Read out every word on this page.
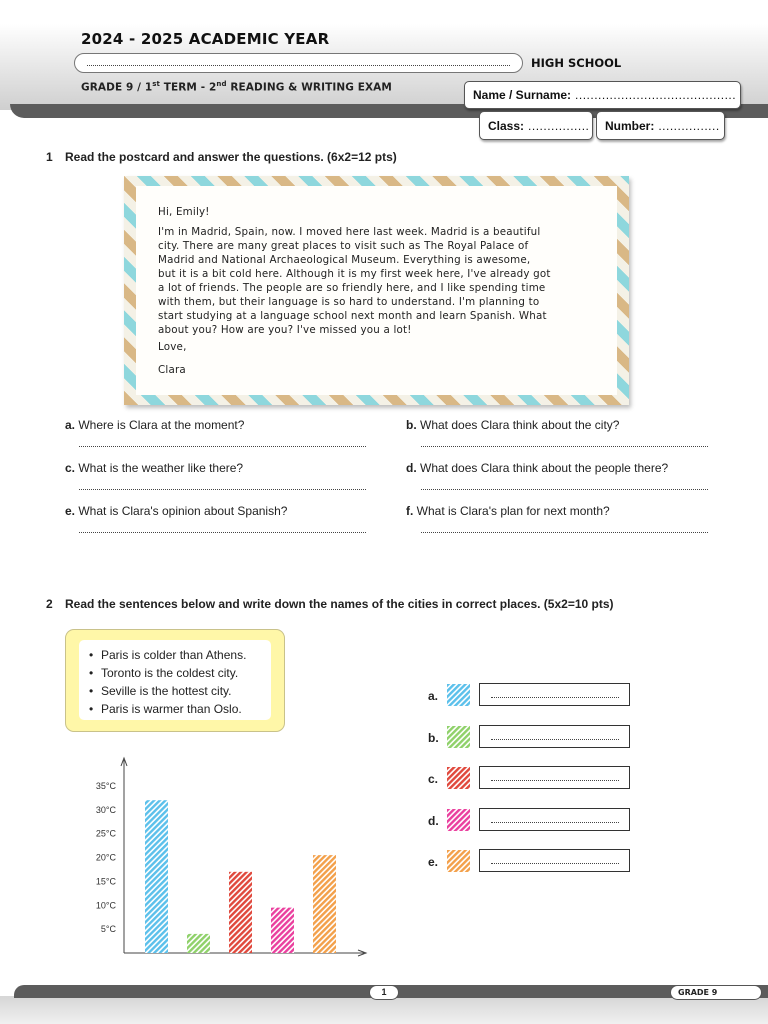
2024 - 2025 ACADEMIC YEAR
HIGH SCHOOL
GRADE 9 / 1st TERM - 2nd READING & WRITING EXAM
Name / Surname: ..........................................
Class: ................ Number: ................
1 Read the postcard and answer the questions. (6x2=12 pts)
Hi, Emily!
I'm in Madrid, Spain, now. I moved here last week. Madrid is a beautiful
city. There are many great places to visit such as The Royal Palace of
Madrid and National Archaeological Museum. Everything is awesome,
but it is a bit cold here. Although it is my first week here, I've already got
a lot of friends. The people are so friendly here, and I like spending time
with them, but their language is so hard to understand. I'm planning to
start studying at a language school next month and learn Spanish. What
about you? How are you? I've missed you a lot!
Love,
Clara
a. Where is Clara at the moment?	b. What does Clara think about the city?
c. What is the weather like there?	d. What does Clara think about the people there?
e. What is Clara's opinion about Spanish?	f. What is Clara's plan for next month?
2 Read the sentences below and write down the names of the cities in correct places. (5x2=10 pts)
• Paris is colder than Athens.
• Toronto is the coldest city.
• Seville is the hottest city.
• Paris is warmer than Oslo.
5°C
10°C
15°C
20°C
25°C
30°C
35°C
a.
b.
c.
d.
e.
1	GRADE 9
